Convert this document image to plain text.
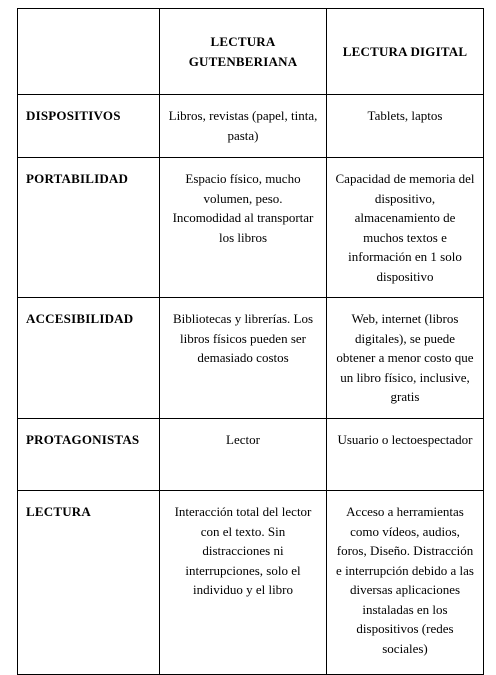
	LECTURA GUTENBERIANA	LECTURA DIGITAL
DISPOSITIVOS	Libros, revistas (papel, tinta, pasta)	Tablets, laptos
PORTABILIDAD	Espacio físico, mucho volumen, peso. Incomodidad al transportar los libros	Capacidad de memoria del dispositivo, almacenamiento de muchos textos e información en 1 solo dispositivo
ACCESIBILIDAD	Bibliotecas y librerías. Los libros físicos pueden ser demasiado costos	Web, internet (libros digitales), se puede obtener a menor costo que un libro físico, inclusive, gratis
PROTAGONISTAS	Lector	Usuario o lectoespectador
LECTURA	Interacción total del lector con el texto. Sin distracciones ni interrupciones, solo el individuo y el libro	Acceso a herramientas como vídeos, audios, foros, Diseño. Distracción e interrupción debido a las diversas aplicaciones instaladas en los dispositivos (redes sociales)
